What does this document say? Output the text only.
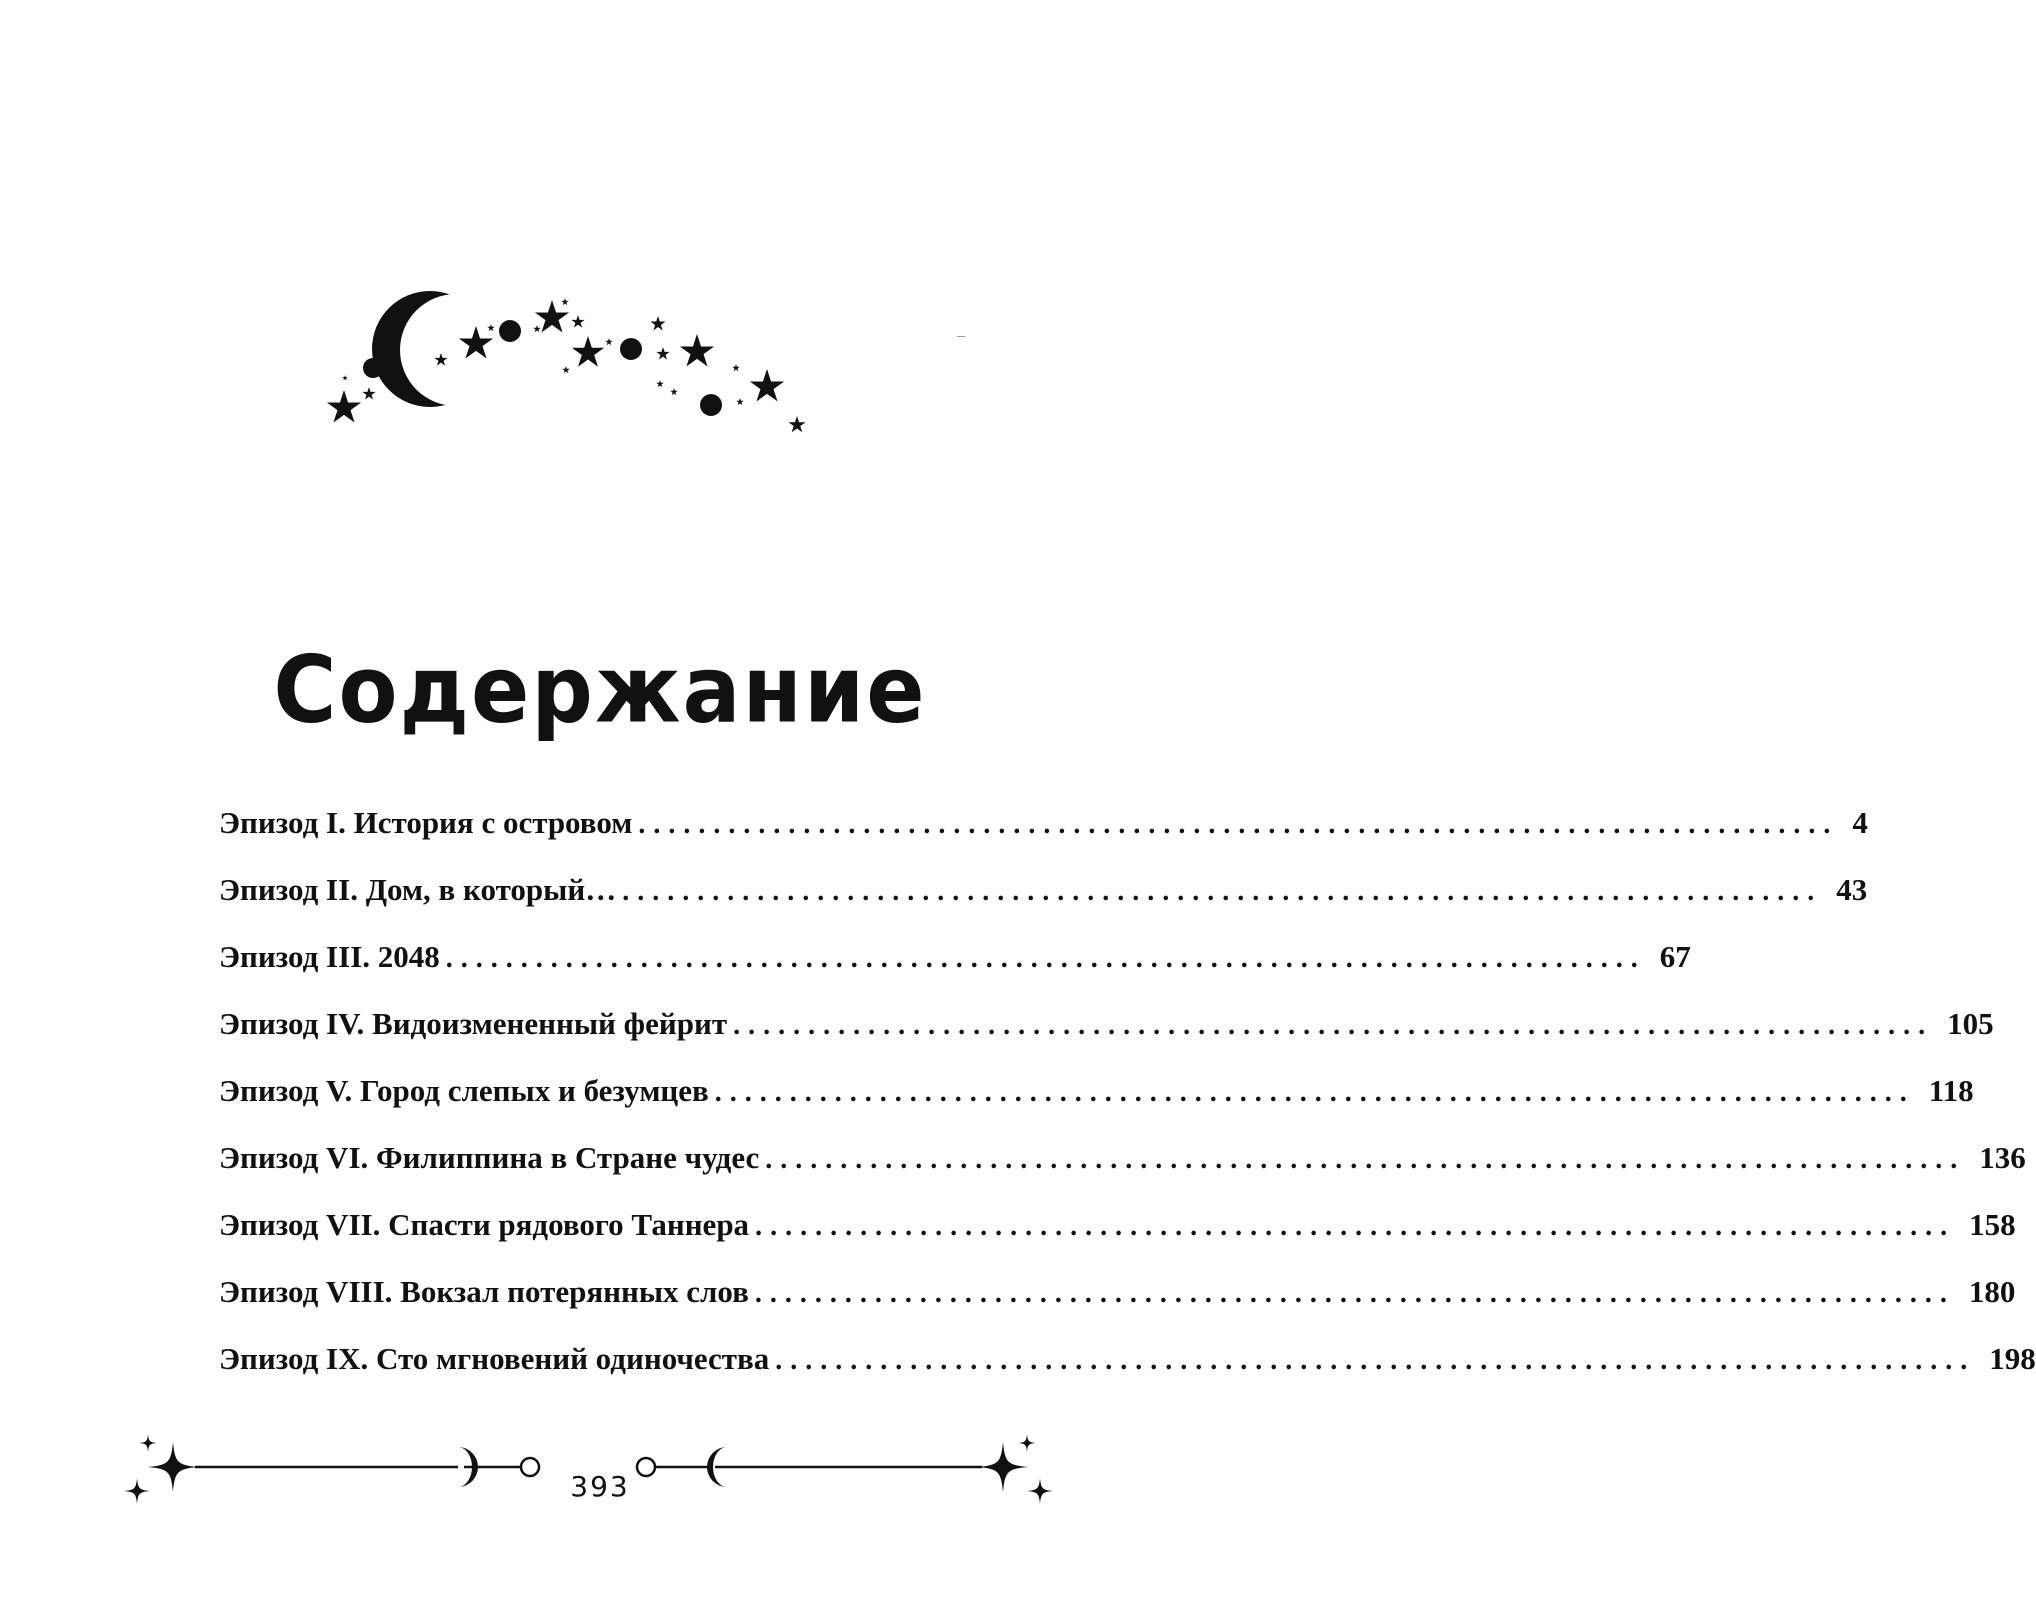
Содержание
Эпизод I. История с островом ................................................................................ 4
Эпизод II. Дом, в который… ................................................................................ 43
Эпизод III. 2048 ................................................................................ 67
Эпизод IV. Видоизмененный фейрит ................................................................................ 105
Эпизод V. Город слепых и безумцев ................................................................................ 118
Эпизод VI. Филиппина в Стране чудес ................................................................................ 136
Эпизод VII. Спасти рядового Таннера ................................................................................ 158
Эпизод VIII. Вокзал потерянных слов ................................................................................ 180
Эпизод IX. Сто мгновений одиночества ................................................................................ 198
393
